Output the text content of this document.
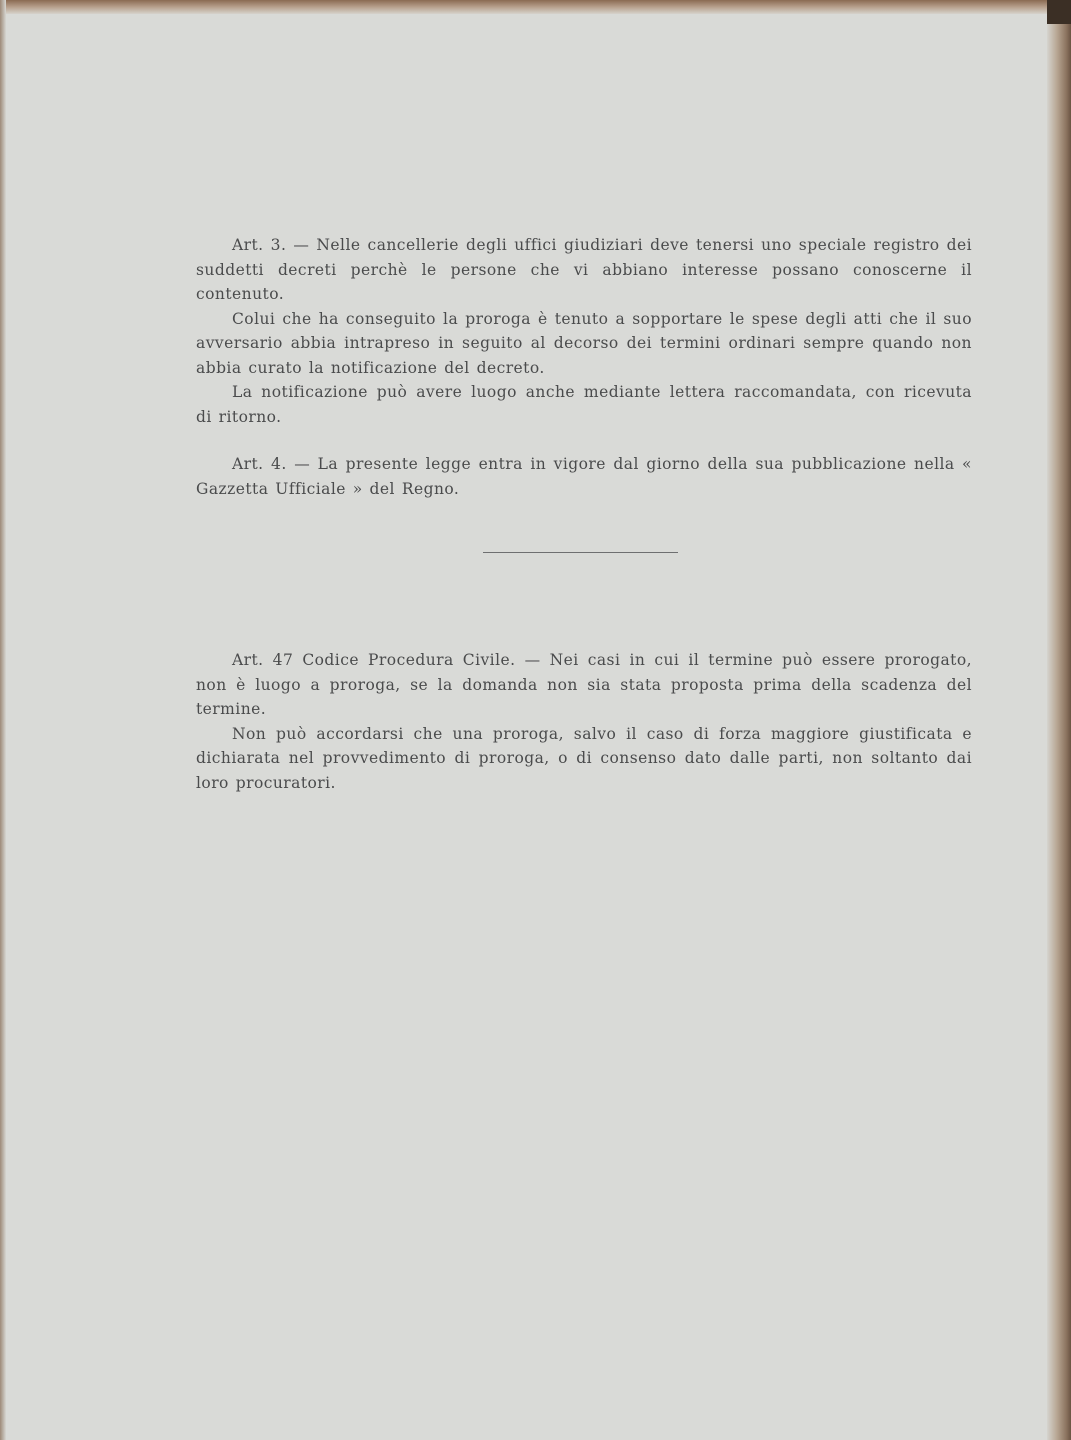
Art. 3. — Nelle cancellerie degli uffici giudiziari deve tenersi uno speciale registro dei suddetti decreti perchè le persone che vi abbiano interesse possano conoscerne il contenuto.

Colui che ha conseguito la proroga è tenuto a sopportare le spese degli atti che il suo avversario abbia intrapreso in seguito al decorso dei termini ordinari sempre quando non abbia curato la notificazione del decreto.

La notificazione può avere luogo anche mediante lettera raccomandata, con ricevuta di ritorno.

Art. 4. — La presente legge entra in vigore dal giorno della sua pubblicazione nella « Gazzetta Ufficiale » del Regno.

Art. 47 Codice Procedura Civile. — Nei casi in cui il termine può essere prorogato, non è luogo a proroga, se la domanda non sia stata proposta prima della scadenza del termine.

Non può accordarsi che una proroga, salvo il caso di forza maggiore giustificata e dichiarata nel provvedimento di proroga, o di consenso dato dalle parti, non soltanto dai loro procuratori.
